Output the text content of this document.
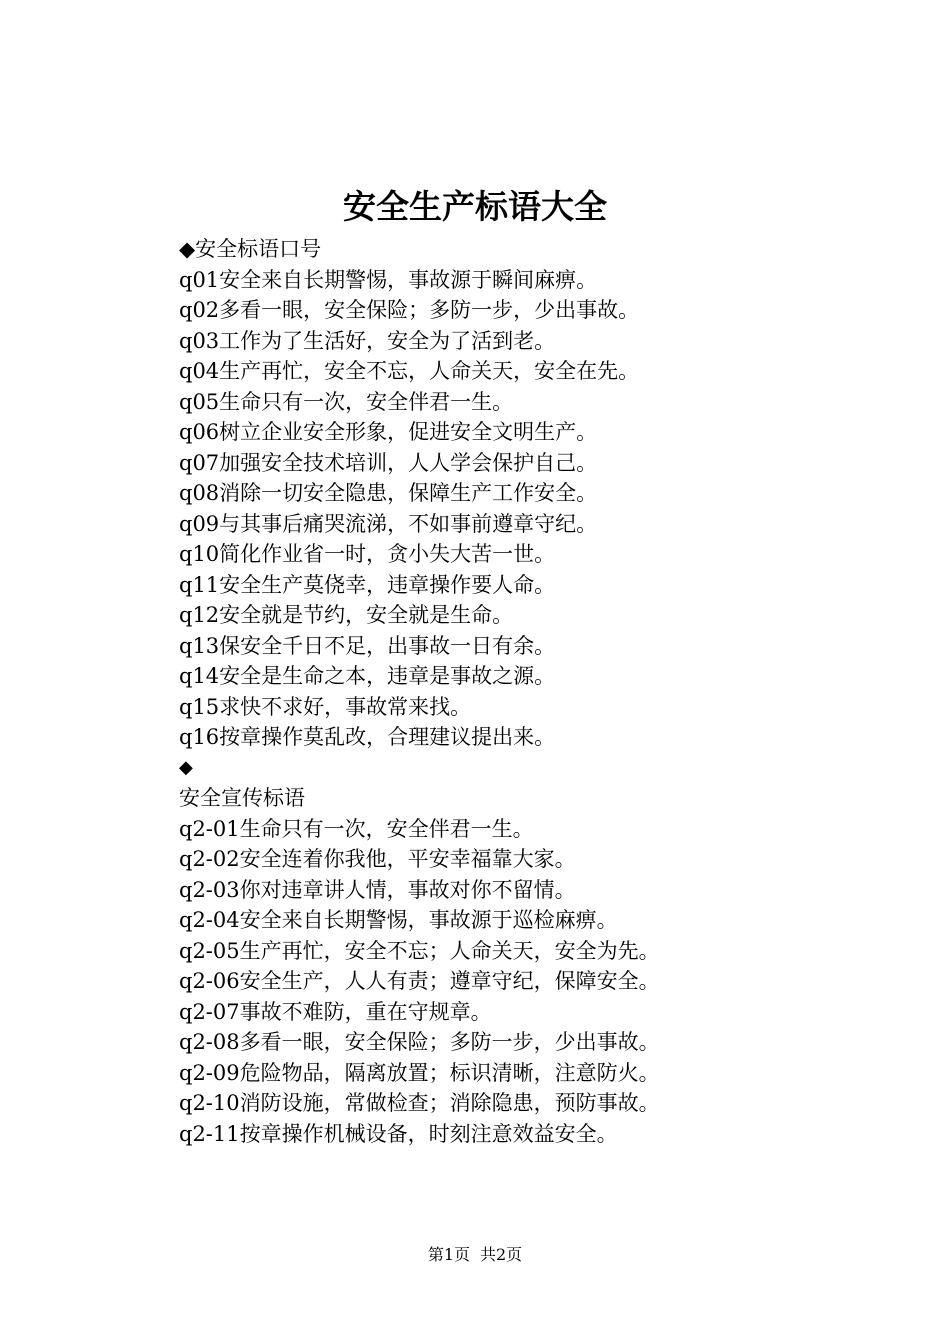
安全生产标语大全
◆安全标语口号
q01安全来自长期警惕，事故源于瞬间麻痹。
q02多看一眼，安全保险；多防一步，少出事故。
q03工作为了生活好，安全为了活到老。
q04生产再忙，安全不忘，人命关天，安全在先。
q05生命只有一次，安全伴君一生。
q06树立企业安全形象，促进安全文明生产。
q07加强安全技术培训，人人学会保护自己。
q08消除一切安全隐患，保障生产工作安全。
q09与其事后痛哭流涕，不如事前遵章守纪。
q10简化作业省一时，贪小失大苦一世。
q11安全生产莫侥幸，违章操作要人命。
q12安全就是节约，安全就是生命。
q13保安全千日不足，出事故一日有余。
q14安全是生命之本，违章是事故之源。
q15求快不求好，事故常来找。
q16按章操作莫乱改，合理建议提出来。
◆
安全宣传标语
q2-01生命只有一次，安全伴君一生。
q2-02安全连着你我他，平安幸福靠大家。
q2-03你对违章讲人情，事故对你不留情。
q2-04安全来自长期警惕，事故源于巡检麻痹。
q2-05生产再忙，安全不忘；人命关天，安全为先。
q2-06安全生产，人人有责；遵章守纪，保障安全。
q2-07事故不难防，重在守规章。
q2-08多看一眼，安全保险；多防一步，少出事故。
q2-09危险物品，隔离放置；标识清晰，注意防火。
q2-10消防设施，常做检查；消除隐患，预防事故。
q2-11按章操作机械设备，时刻注意效益安全。
第1页 共2页
